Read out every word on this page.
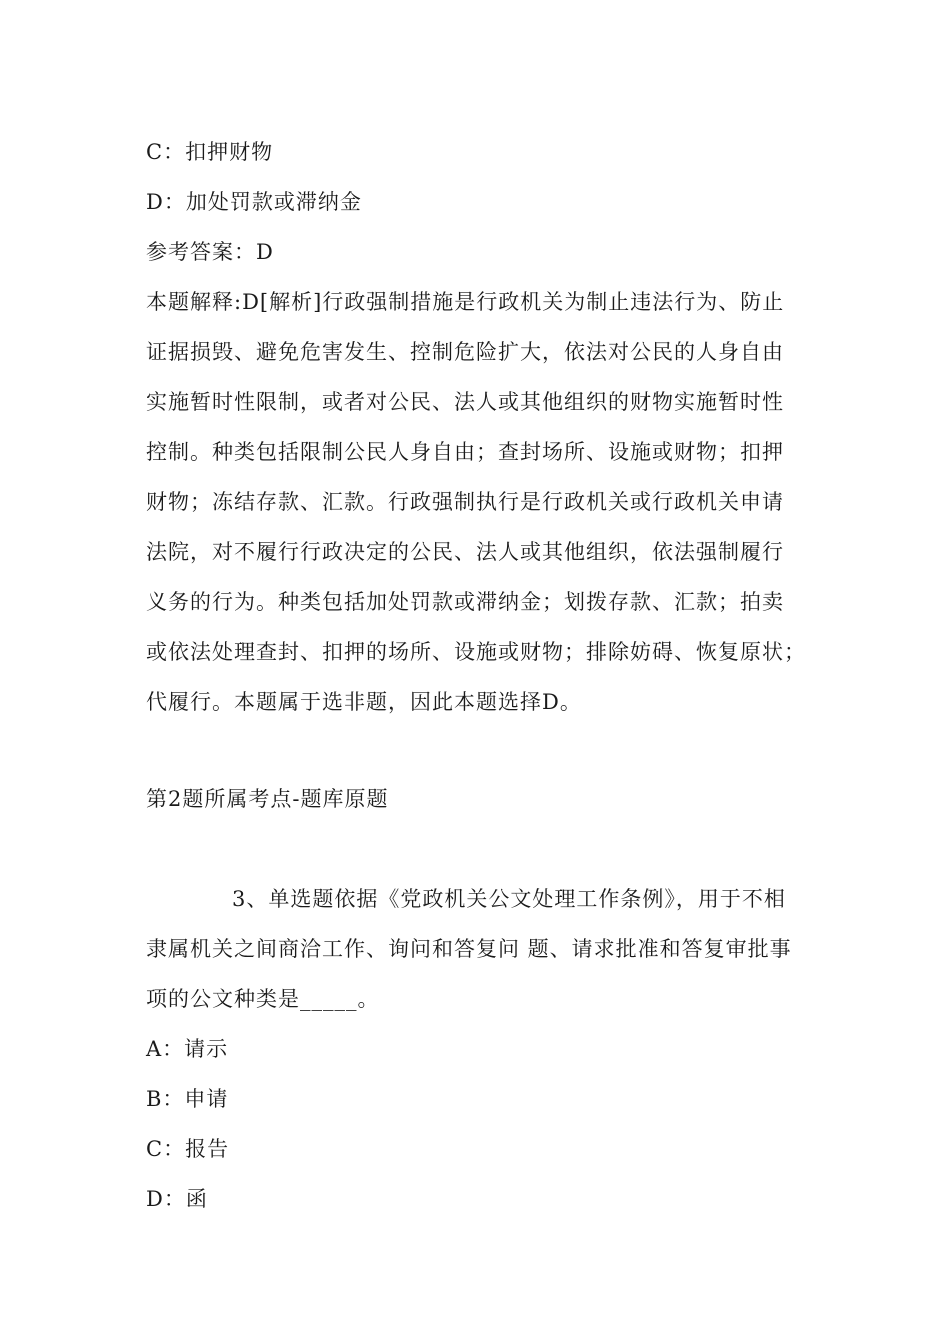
C：扣押财物
D：加处罚款或滞纳金
参考答案：D
本题解释:D[解析]行政强制措施是行政机关为制止违法行为、防止
证据损毁、避免危害发生、控制危险扩大，依法对公民的人身自由
实施暂时性限制，或者对公民、法人或其他组织的财物实施暂时性
控制。种类包括限制公民人身自由；查封场所、设施或财物；扣押
财物；冻结存款、汇款。行政强制执行是行政机关或行政机关申请
法院，对不履行行政决定的公民、法人或其他组织，依法强制履行
义务的行为。种类包括加处罚款或滞纳金；划拨存款、汇款；拍卖
或依法处理查封、扣押的场所、设施或财物；排除妨碍、恢复原状；
代履行。本题属于选非题，因此本题选择D。
第2题所属考点-题库原题
3、单选题依据《党政机关公文处理工作条例》，用于不相
隶属机关之间商洽工作、询问和答复问 题、请求批准和答复审批事
项的公文种类是_____。
A：请示
B：申请
C：报告
D：函
